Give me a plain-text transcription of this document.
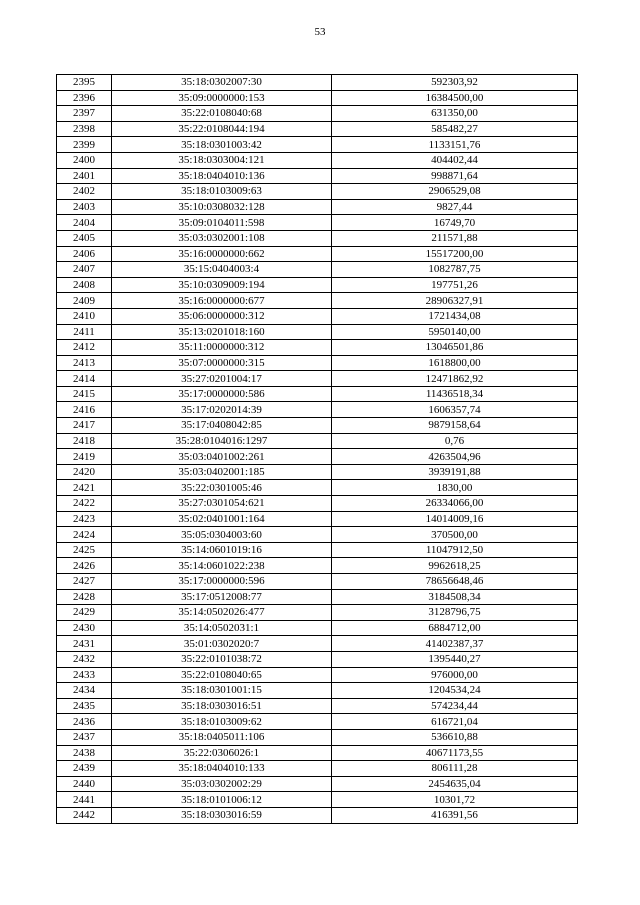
53
2395	35:18:0302007:30	592303,92
2396	35:09:0000000:153	16384500,00
2397	35:22:0108040:68	631350,00
2398	35:22:0108044:194	585482,27
2399	35:18:0301003:42	1133151,76
2400	35:18:0303004:121	404402,44
2401	35:18:0404010:136	998871,64
2402	35:18:0103009:63	2906529,08
2403	35:10:0308032:128	9827,44
2404	35:09:0104011:598	16749,70
2405	35:03:0302001:108	211571,88
2406	35:16:0000000:662	15517200,00
2407	35:15:0404003:4	1082787,75
2408	35:10:0309009:194	197751,26
2409	35:16:0000000:677	28906327,91
2410	35:06:0000000:312	1721434,08
2411	35:13:0201018:160	5950140,00
2412	35:11:0000000:312	13046501,86
2413	35:07:0000000:315	1618800,00
2414	35:27:0201004:17	12471862,92
2415	35:17:0000000:586	11436518,34
2416	35:17:0202014:39	1606357,74
2417	35:17:0408042:85	9879158,64
2418	35:28:0104016:1297	0,76
2419	35:03:0401002:261	4263504,96
2420	35:03:0402001:185	3939191,88
2421	35:22:0301005:46	1830,00
2422	35:27:0301054:621	26334066,00
2423	35:02:0401001:164	14014009,16
2424	35:05:0304003:60	370500,00
2425	35:14:0601019:16	11047912,50
2426	35:14:0601022:238	9962618,25
2427	35:17:0000000:596	78656648,46
2428	35:17:0512008:77	3184508,34
2429	35:14:0502026:477	3128796,75
2430	35:14:0502031:1	6884712,00
2431	35:01:0302020:7	41402387,37
2432	35:22:0101038:72	1395440,27
2433	35:22:0108040:65	976000,00
2434	35:18:0301001:15	1204534,24
2435	35:18:0303016:51	574234,44
2436	35:18:0103009:62	616721,04
2437	35:18:0405011:106	536610,88
2438	35:22:0306026:1	40671173,55
2439	35:18:0404010:133	806111,28
2440	35:03:0302002:29	2454635,04
2441	35:18:0101006:12	10301,72
2442	35:18:0303016:59	416391,56
